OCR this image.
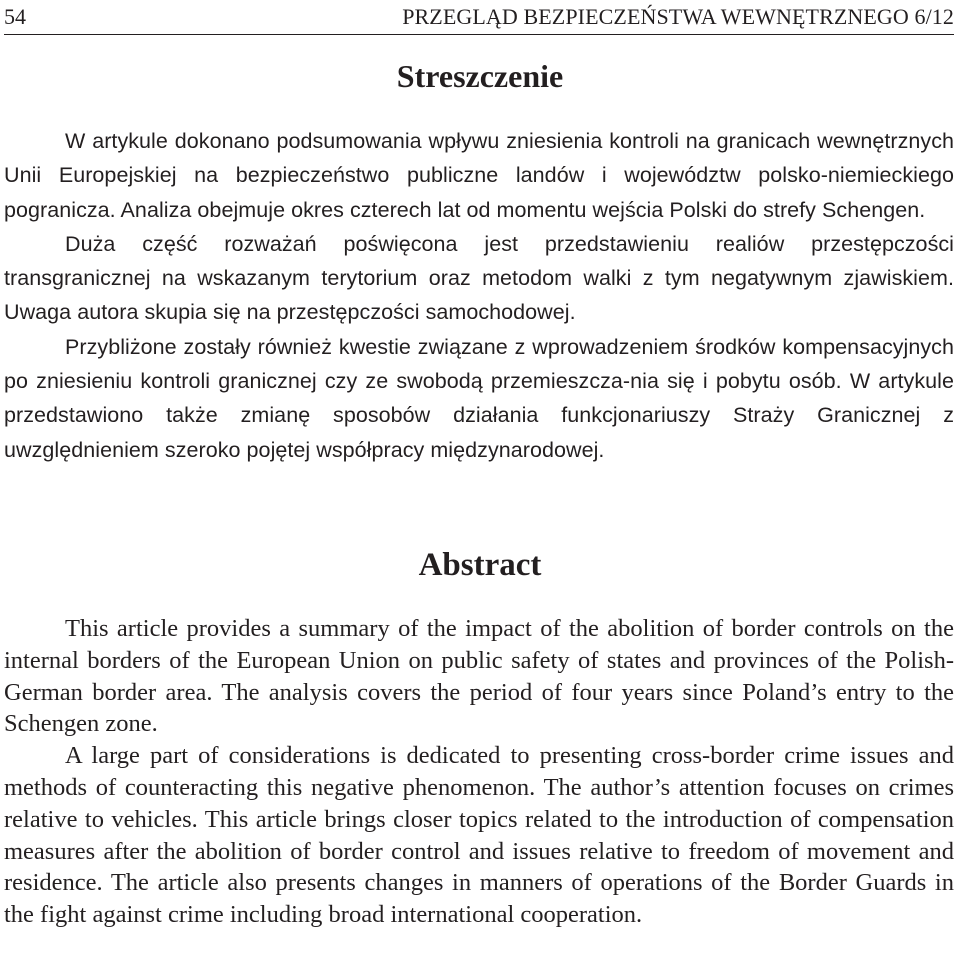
54	PRZEGLĄD BEZPIECZEŃSTWA WEWNĘTRZNEGO 6/12
Streszczenie

W artykule dokonano podsumowania wpływu zniesienia kontroli na granicach wewnętrznych Unii Europejskiej na bezpieczeństwo publiczne landów i województw polsko-niemieckiego pogranicza. Analiza obejmuje okres czterech lat od momentu wejścia Polski do strefy Schengen.

Duża część rozważań poświęcona jest przedstawieniu realiów przestępczości transgranicznej na wskazanym terytorium oraz metodom walki z tym negatywnym zjawiskiem. Uwaga autora skupia się na przestępczości samochodowej.

Przybliżone zostały również kwestie związane z wprowadzeniem środków kompensacyjnych po zniesieniu kontroli granicznej czy ze swobodą przemieszcza-nia się i pobytu osób. W artykule przedstawiono także zmianę sposobów działania funkcjonariuszy Straży Granicznej z uwzględnieniem szeroko pojętej współpracy międzynarodowej.

Abstract

This article provides a summary of the impact of the abolition of border controls on the internal borders of the European Union on public safety of states and provinces of the Polish-German border area. The analysis covers the period of four years since Poland’s entry to the Schengen zone.

A large part of considerations is dedicated to presenting cross-border crime issues and methods of counteracting this negative phenomenon. The author’s attention focuses on crimes relative to vehicles. This article brings closer topics related to the introduction of compensation measures after the abolition of border control and issues relative to freedom of movement and residence. The article also presents changes in manners of operations of the Border Guards in the fight against crime including broad international cooperation.
